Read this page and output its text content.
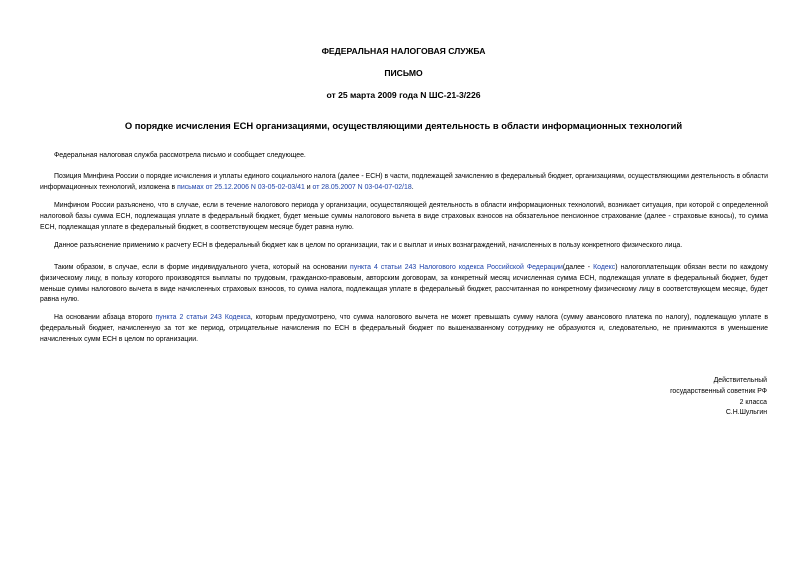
ФЕДЕРАЛЬНАЯ НАЛОГОВАЯ СЛУЖБА
ПИСЬМО
от 25 марта 2009 года N ШС-21-3/226
О порядке исчисления ЕСН организациями, осуществляющими деятельность в области информационных технологий

Федеральная налоговая служба рассмотрела письмо и сообщает следующее.

Позиция Минфина России о порядке исчисления и уплаты единого социального налога (далее - ЕСН) в части, подлежащей зачислению в федеральный бюджет, организациями, осуществляющими деятельность в области информационных технологий, изложена в письмах от 25.12.2006 N 03-05-02-03/41 и от 28.05.2007 N 03-04-07-02/18.

Минфином России разъяснено, что в случае, если в течение налогового периода у организации, осуществляющей деятельность в области информационных технологий, возникает ситуация, при которой с определенной налоговой базы сумма ЕСН, подлежащая уплате в федеральный бюджет, будет меньше суммы налогового вычета в виде страховых взносов на обязательное пенсионное страхование (далее - страховые взносы), то сумма ЕСН, подлежащая уплате в федеральный бюджет, в соответствующем месяце будет равна нулю.

Данное разъяснение применимо к расчету ЕСН в федеральный бюджет как в целом по организации, так и с выплат и иных вознаграждений, начисленных в пользу конкретного физического лица.

Таким образом, в случае, если в форме индивидуального учета, который на основании пункта 4 статьи 243 Налогового кодекса Российской Федерации(далее - Кодекс) налогоплательщик обязан вести по каждому физическому лицу, в пользу которого производятся выплаты по трудовым, гражданско-правовым, авторским договорам, за конкретный месяц исчисленная сумма ЕСН, подлежащая уплате в федеральный бюджет, будет меньше суммы налогового вычета в виде начисленных страховых взносов, то сумма налога, подлежащая уплате в федеральный бюджет, рассчитанная по конкретному физическому лицу в соответствующем месяце, будет равна нулю.

На основании абзаца второго пункта 2 статьи 243 Кодекса, которым предусмотрено, что сумма налогового вычета не может превышать сумму налога (сумму авансового платежа по налогу), подлежащую уплате в федеральный бюджет, начисленную за тот же период, отрицательные начисления по ЕСН в федеральный бюджет по вышеназванному сотруднику не образуются и, следовательно, не принимаются в уменьшение начисленных сумм ЕСН в целом по организации.

Действительный
государственный советник РФ
2 класса
С.Н.Шульгин
